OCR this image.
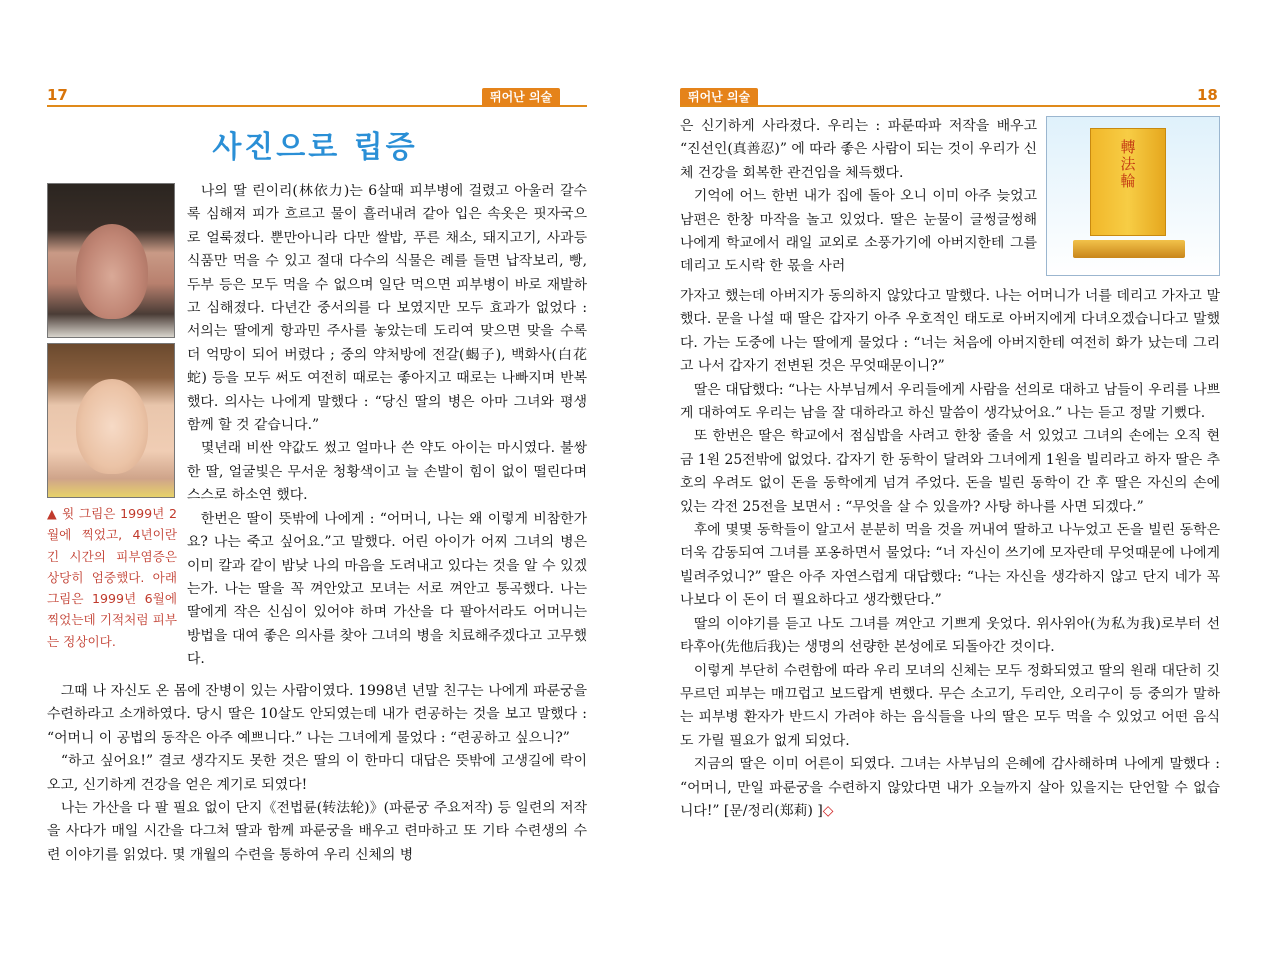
17	뛰어난 의술
사진으로 립증
▲ 윗 그림은 1999년 2월에 찍었고, 4년이란 긴 시간의 피부염증은 상당히 엄중했다. 아래 그림은 1999년 6월에 찍었는데 기적처럼 피부는 정상이다.

나의 딸 린이리(林依力)는 6살때 피부병에 걸렸고 아울러 갈수록 심해져 피가 흐르고 물이 흘러내려 같아 입은 속옷은 핏자국으로 얼룩졌다. 뿐만아니라 다만 쌀밥, 푸른 채소, 돼지고기, 사과등 식품만 먹을 수 있고 절대 다수의 식물은 례를 들면 납작보리, 빵, 두부 등은 모두 먹을 수 없으며 일단 먹으면 피부병이 바로 재발하고 심해졌다. 다년간 중서의를 다 보였지만 모두 효과가 없었다 : 서의는 딸에게 항과민 주사를 놓았는데 도리여 맞으면 맞을 수록 더 억망이 되어 버렸다 ; 중의 약처방에 전갈(蝎子), 백화사(白花蛇) 등을 모두 써도 여전히 때로는 좋아지고 때로는 나빠지며 반복했다. 의사는 나에게 말했다 : “당신 딸의 병은 아마 그녀와 평생 함께 할 것 같습니다.”

몇년래 비싼 약값도 썼고 얼마나 쓴 약도 아이는 마시였다. 불쌍한 딸, 얼굴빛은 무서운 청황색이고 늘 손발이 힘이 없이 떨린다며 스스로 하소연 했다.

한번은 딸이 뜻밖에 나에게 : “어머니, 나는 왜 이렇게 비참한가요? 나는 죽고 싶어요.”고 말했다. 어린 아이가 어찌 그녀의 병은 이미 칼과 같이 밤낮 나의 마음을 도려내고 있다는 것을 알 수 있겠는가. 나는 딸을 꼭 껴안았고 모녀는 서로 껴안고 통곡했다. 나는 딸에게 작은 신심이 있어야 하며 가산을 다 팔아서라도 어머니는 방법을 대여 좋은 의사를 찾아 그녀의 병을 치료해주겠다고 고무했다.

그때 나 자신도 온 몸에 잔병이 있는 사람이였다. 1998년 년말 친구는 나에게 파룬궁을 수련하라고 소개하였다. 당시 딸은 10살도 안되였는데 내가 련공하는 것을 보고 말했다 : “어머니 이 공법의 동작은 아주 예쁘니다.” 나는 그녀에게 물었다 : “련공하고 싶으니?”

“하고 싶어요!” 결코 생각지도 못한 것은 딸의 이 한마디 대답은 뜻밖에 고생길에 락이 오고, 신기하게 건강을 얻은 계기로 되였다!

나는 가산을 다 팔 필요 없이 단지《전법륜(转法轮)》(파룬궁 주요저작) 등 일련의 저작을 사다가 매일 시간을 다그쳐 딸과 함께 파룬궁을 배우고 련마하고 또 기타 수련생의 수련 이야기를 읽었다. 몇 개월의 수련을 통하여 우리 신체의 병

뛰어난 의술	18
轉法輪

은 신기하게 사라졌다. 우리는 : 파룬따파 저작을 배우고 “진선인(真善忍)” 에 따라 좋은 사람이 되는 것이 우리가 신체 건강을 회복한 관건임을 체득했다.

기억에 어느 한번 내가 집에 돌아 오니 이미 아주 늦었고 남편은 한창 마작을 놀고 있었다. 딸은 눈물이 글썽글썽해 나에게 학교에서 래일 교외로 소풍가기에 아버지한테 그를 데리고 도시락 한 몫을 사러

가자고 했는데 아버지가 동의하지 않았다고 말했다. 나는 어머니가 너를 데리고 가자고 말했다. 문을 나설 때 딸은 갑자기 아주 우호적인 태도로 아버지에게 다녀오겠습니다고 말했다. 가는 도중에 나는 딸에게 물었다 : “너는 처음에 아버지한테 여전히 화가 났는데 그리고 나서 갑자기 전변된 것은 무엇때문이니?”

딸은 대답했다: “나는 사부님께서 우리들에게 사람을 선의로 대하고 남들이 우리를 나쁘게 대하여도 우리는 남을 잘 대하라고 하신 말씀이 생각났어요.” 나는 듣고 정말 기뻤다.

또 한번은 딸은 학교에서 점심밥을 사려고 한창 줄을 서 있었고 그녀의 손에는 오직 현금 1원 25전밖에 없었다. 갑자기 한 동학이 달려와 그녀에게 1원을 빌리라고 하자 딸은 추호의 우려도 없이 돈을 동학에게 넘겨 주었다. 돈을 빌린 동학이 간 후 딸은 자신의 손에 있는 각전 25전을 보면서 : “무엇을 살 수 있을까? 사탕 하나를 사면 되겠다.”

후에 몇몇 동학들이 알고서 분분히 먹을 것을 꺼내여 딸하고 나누었고 돈을 빌린 동학은 더욱 감동되여 그녀를 포옹하면서 물었다: “너 자신이 쓰기에 모자란데 무엇때문에 나에게 빌려주었니?” 딸은 아주 자연스럽게 대답했다: “나는 자신을 생각하지 않고 단지 네가 꼭 나보다 이 돈이 더 필요하다고 생각했단다.”

딸의 이야기를 듣고 나도 그녀를 껴안고 기쁘게 웃었다. 위사위아(为私为我)로부터 선타후아(先他后我)는 생명의 선량한 본성에로 되돌아간 것이다.

이렇게 부단히 수련함에 따라 우리 모녀의 신체는 모두 정화되였고 딸의 원래 대단히 깃무르던 피부는 매끄럽고 보드랍게 변했다. 무슨 소고기, 두리안, 오리구이 등 중의가 말하는 피부병 환자가 반드시 가려야 하는 음식들을 나의 딸은 모두 먹을 수 있었고 어떤 음식도 가릴 필요가 없게 되었다.

지금의 딸은 이미 어른이 되였다. 그녀는 사부님의 은혜에 감사해하며 나에게 말했다 : “어머니, 만일 파룬궁을 수련하지 않았다면 내가 오늘까지 살아 있을지는 단언할 수 없습니다!” [문/정리(郑莉) ]◇
